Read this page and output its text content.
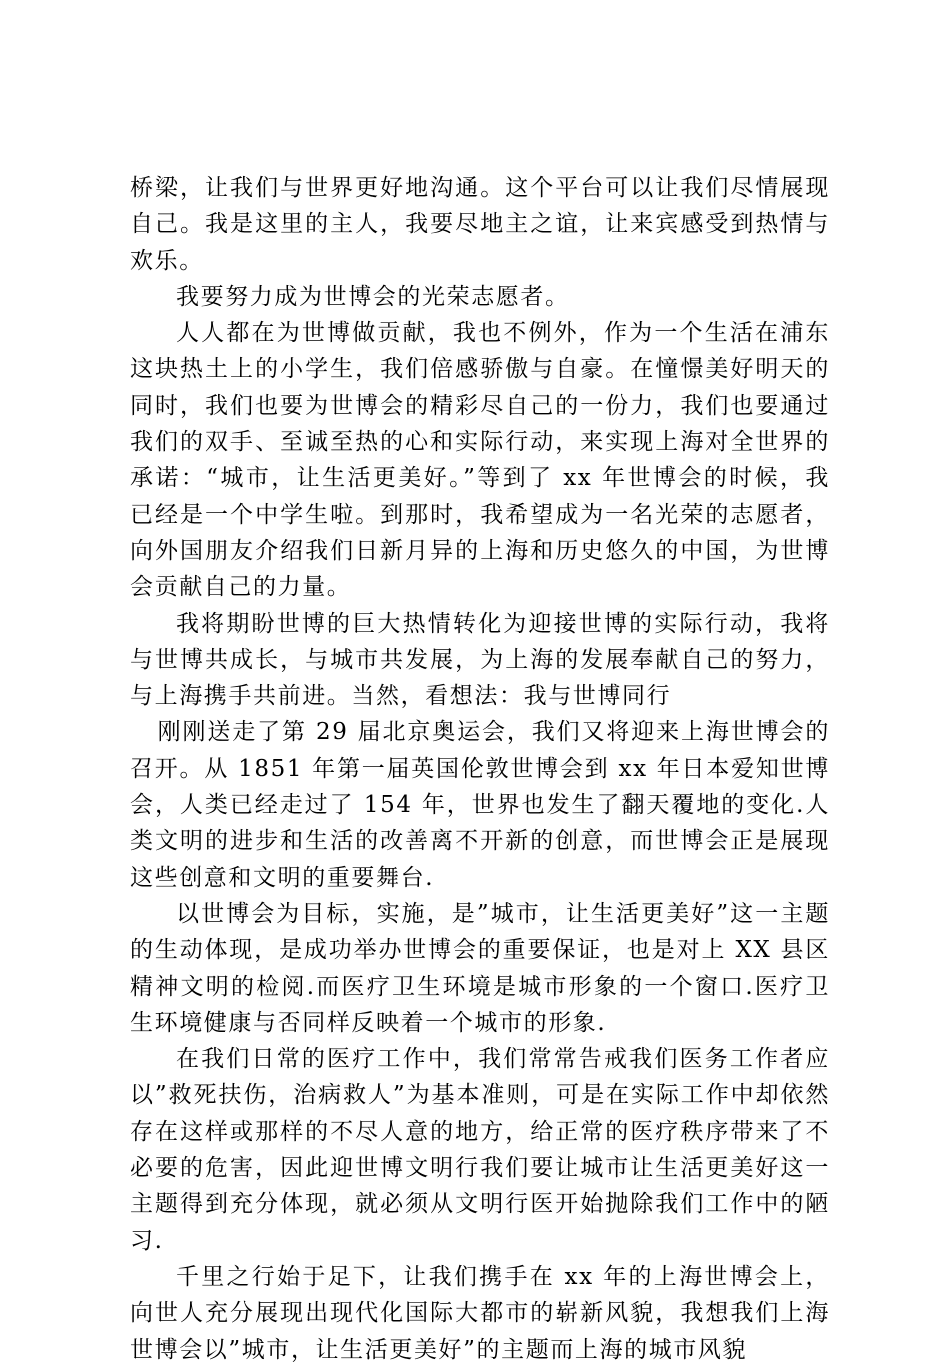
桥梁，让我们与世界更好地沟通。这个平台可以让我们尽情展现自己。我是这里的主人，我要尽地主之谊，让来宾感受到热情与欢乐。

我要努力成为世博会的光荣志愿者。

人人都在为世博做贡献，我也不例外，作为一个生活在浦东这块热土上的小学生，我们倍感骄傲与自豪。在憧憬美好明天的同时，我们也要为世博会的精彩尽自己的一份力，我们也要通过我们的双手、至诚至热的心和实际行动，来实现上海对全世界的承诺：“城市，让生活更美好。”等到了 xx 年世博会的时候，我已经是一个中学生啦。到那时，我希望成为一名光荣的志愿者，向外国朋友介绍我们日新月异的上海和历史悠久的中国，为世博会贡献自己的力量。

我将期盼世博的巨大热情转化为迎接世博的实际行动，我将与世博共成长，与城市共发展，为上海的发展奉献自己的努力，与上海携手共前进。当然，看想法：我与世博同行

刚刚送走了第 29 届北京奥运会，我们又将迎来上海世博会的召开。从 1851 年第一届英国伦敦世博会到 xx 年日本爱知世博会，人类已经走过了 154 年，世界也发生了翻天覆地的变化.人类文明的进步和生活的改善离不开新的创意，而世博会正是展现这些创意和文明的重要舞台.

以世博会为目标，实施，是”城市，让生活更美好”这一主题的生动体现，是成功举办世博会的重要保证，也是对上 XX 县区精神文明的检阅.而医疗卫生环境是城市形象的一个窗口.医疗卫生环境健康与否同样反映着一个城市的形象.

在我们日常的医疗工作中，我们常常告戒我们医务工作者应以”救死扶伤，治病救人”为基本准则，可是在实际工作中却依然存在这样或那样的不尽人意的地方，给正常的医疗秩序带来了不必要的危害，因此迎世博文明行我们要让城市让生活更美好这一主题得到充分体现，就必须从文明行医开始抛除我们工作中的陋习.

千里之行始于足下，让我们携手在 xx 年的上海世博会上，向世人充分展现出现代化国际大都市的崭新风貌，我想我们上海世博会以”城市，让生活更美好”的主题而上海的城市风貌
